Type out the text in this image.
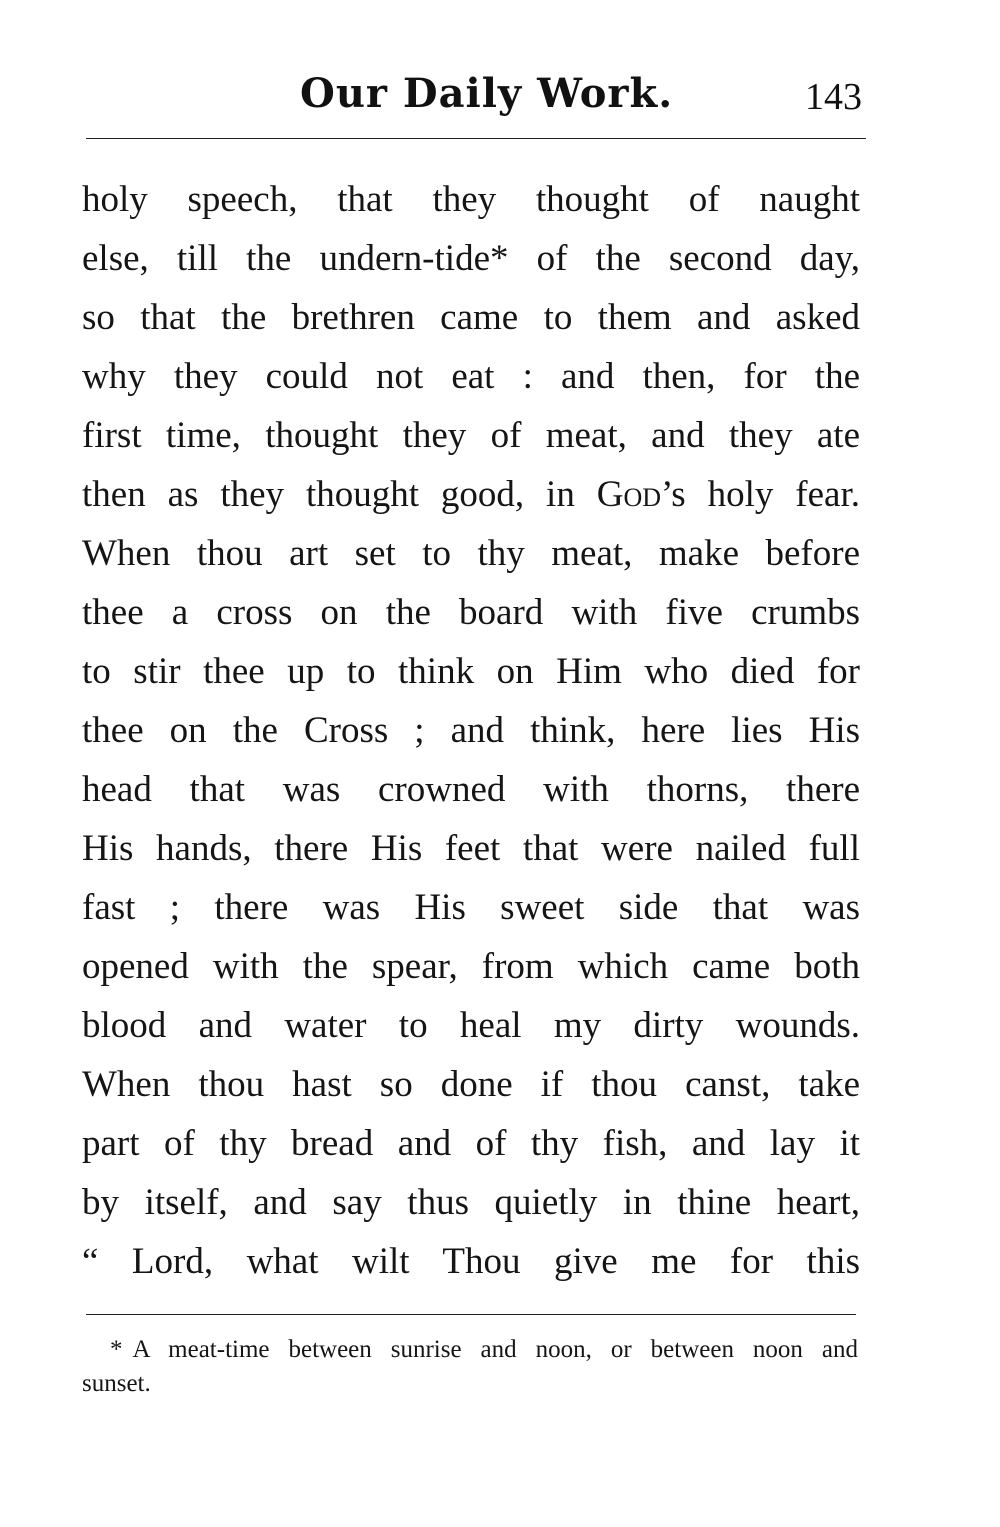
Our Daily Work.	143
holy speech, that they thought of naught
else, till the undern-tide* of the second day,
so that the brethren came to them and asked
why they could not eat : and then, for the
first time, thought they of meat, and they ate
then as they thought good, in God’s holy fear.
When thou art set to thy meat, make before
thee a cross on the board with five crumbs
to stir thee up to think on Him who died for
thee on the Cross ; and think, here lies His
head that was crowned with thorns, there
His hands, there His feet that were nailed full
fast ; there was His sweet side that was
opened with the spear, from which came both
blood and water to heal my dirty wounds.
When thou hast so done if thou canst, take
part of thy bread and of thy fish, and lay it
by itself, and say thus quietly in thine heart,
“ Lord, what wilt Thou give me for this
* A meat-time between sunrise and noon, or between noon and
sunset.
